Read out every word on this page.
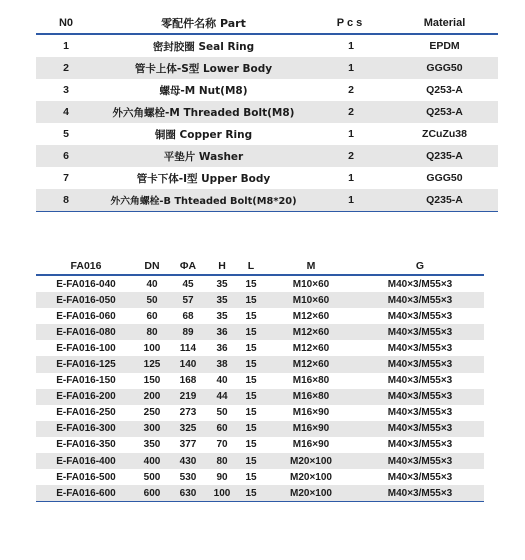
N0	零配件名称 Part	Pcs	Material
1	密封胶圈 Seal Ring	1	EPDM
2	管卡上体-S型 Lower Body	1	GGG50
3	螺母-M Nut(M8)	2	Q253-A
4	外六角螺栓-M Threaded Bolt(M8)	2	Q253-A
5	铜圈 Copper Ring	1	ZCuZu38
6	平垫片 Washer	2	Q235-A
7	管卡下体-I型 Upper Body	1	GGG50
8	外六角螺栓-B Thteaded Bolt(M8*20)	1	Q235-A
FA016	DN	ΦA	H	L	M	G
E-FA016-040	40	45	35	15	M10×60	M40×3/M55×3
E-FA016-050	50	57	35	15	M10×60	M40×3/M55×3
E-FA016-060	60	68	35	15	M12×60	M40×3/M55×3
E-FA016-080	80	89	36	15	M12×60	M40×3/M55×3
E-FA016-100	100	114	36	15	M12×60	M40×3/M55×3
E-FA016-125	125	140	38	15	M12×60	M40×3/M55×3
E-FA016-150	150	168	40	15	M16×80	M40×3/M55×3
E-FA016-200	200	219	44	15	M16×80	M40×3/M55×3
E-FA016-250	250	273	50	15	M16×90	M40×3/M55×3
E-FA016-300	300	325	60	15	M16×90	M40×3/M55×3
E-FA016-350	350	377	70	15	M16×90	M40×3/M55×3
E-FA016-400	400	430	80	15	M20×100	M40×3/M55×3
E-FA016-500	500	530	90	15	M20×100	M40×3/M55×3
E-FA016-600	600	630	100	15	M20×100	M40×3/M55×3
